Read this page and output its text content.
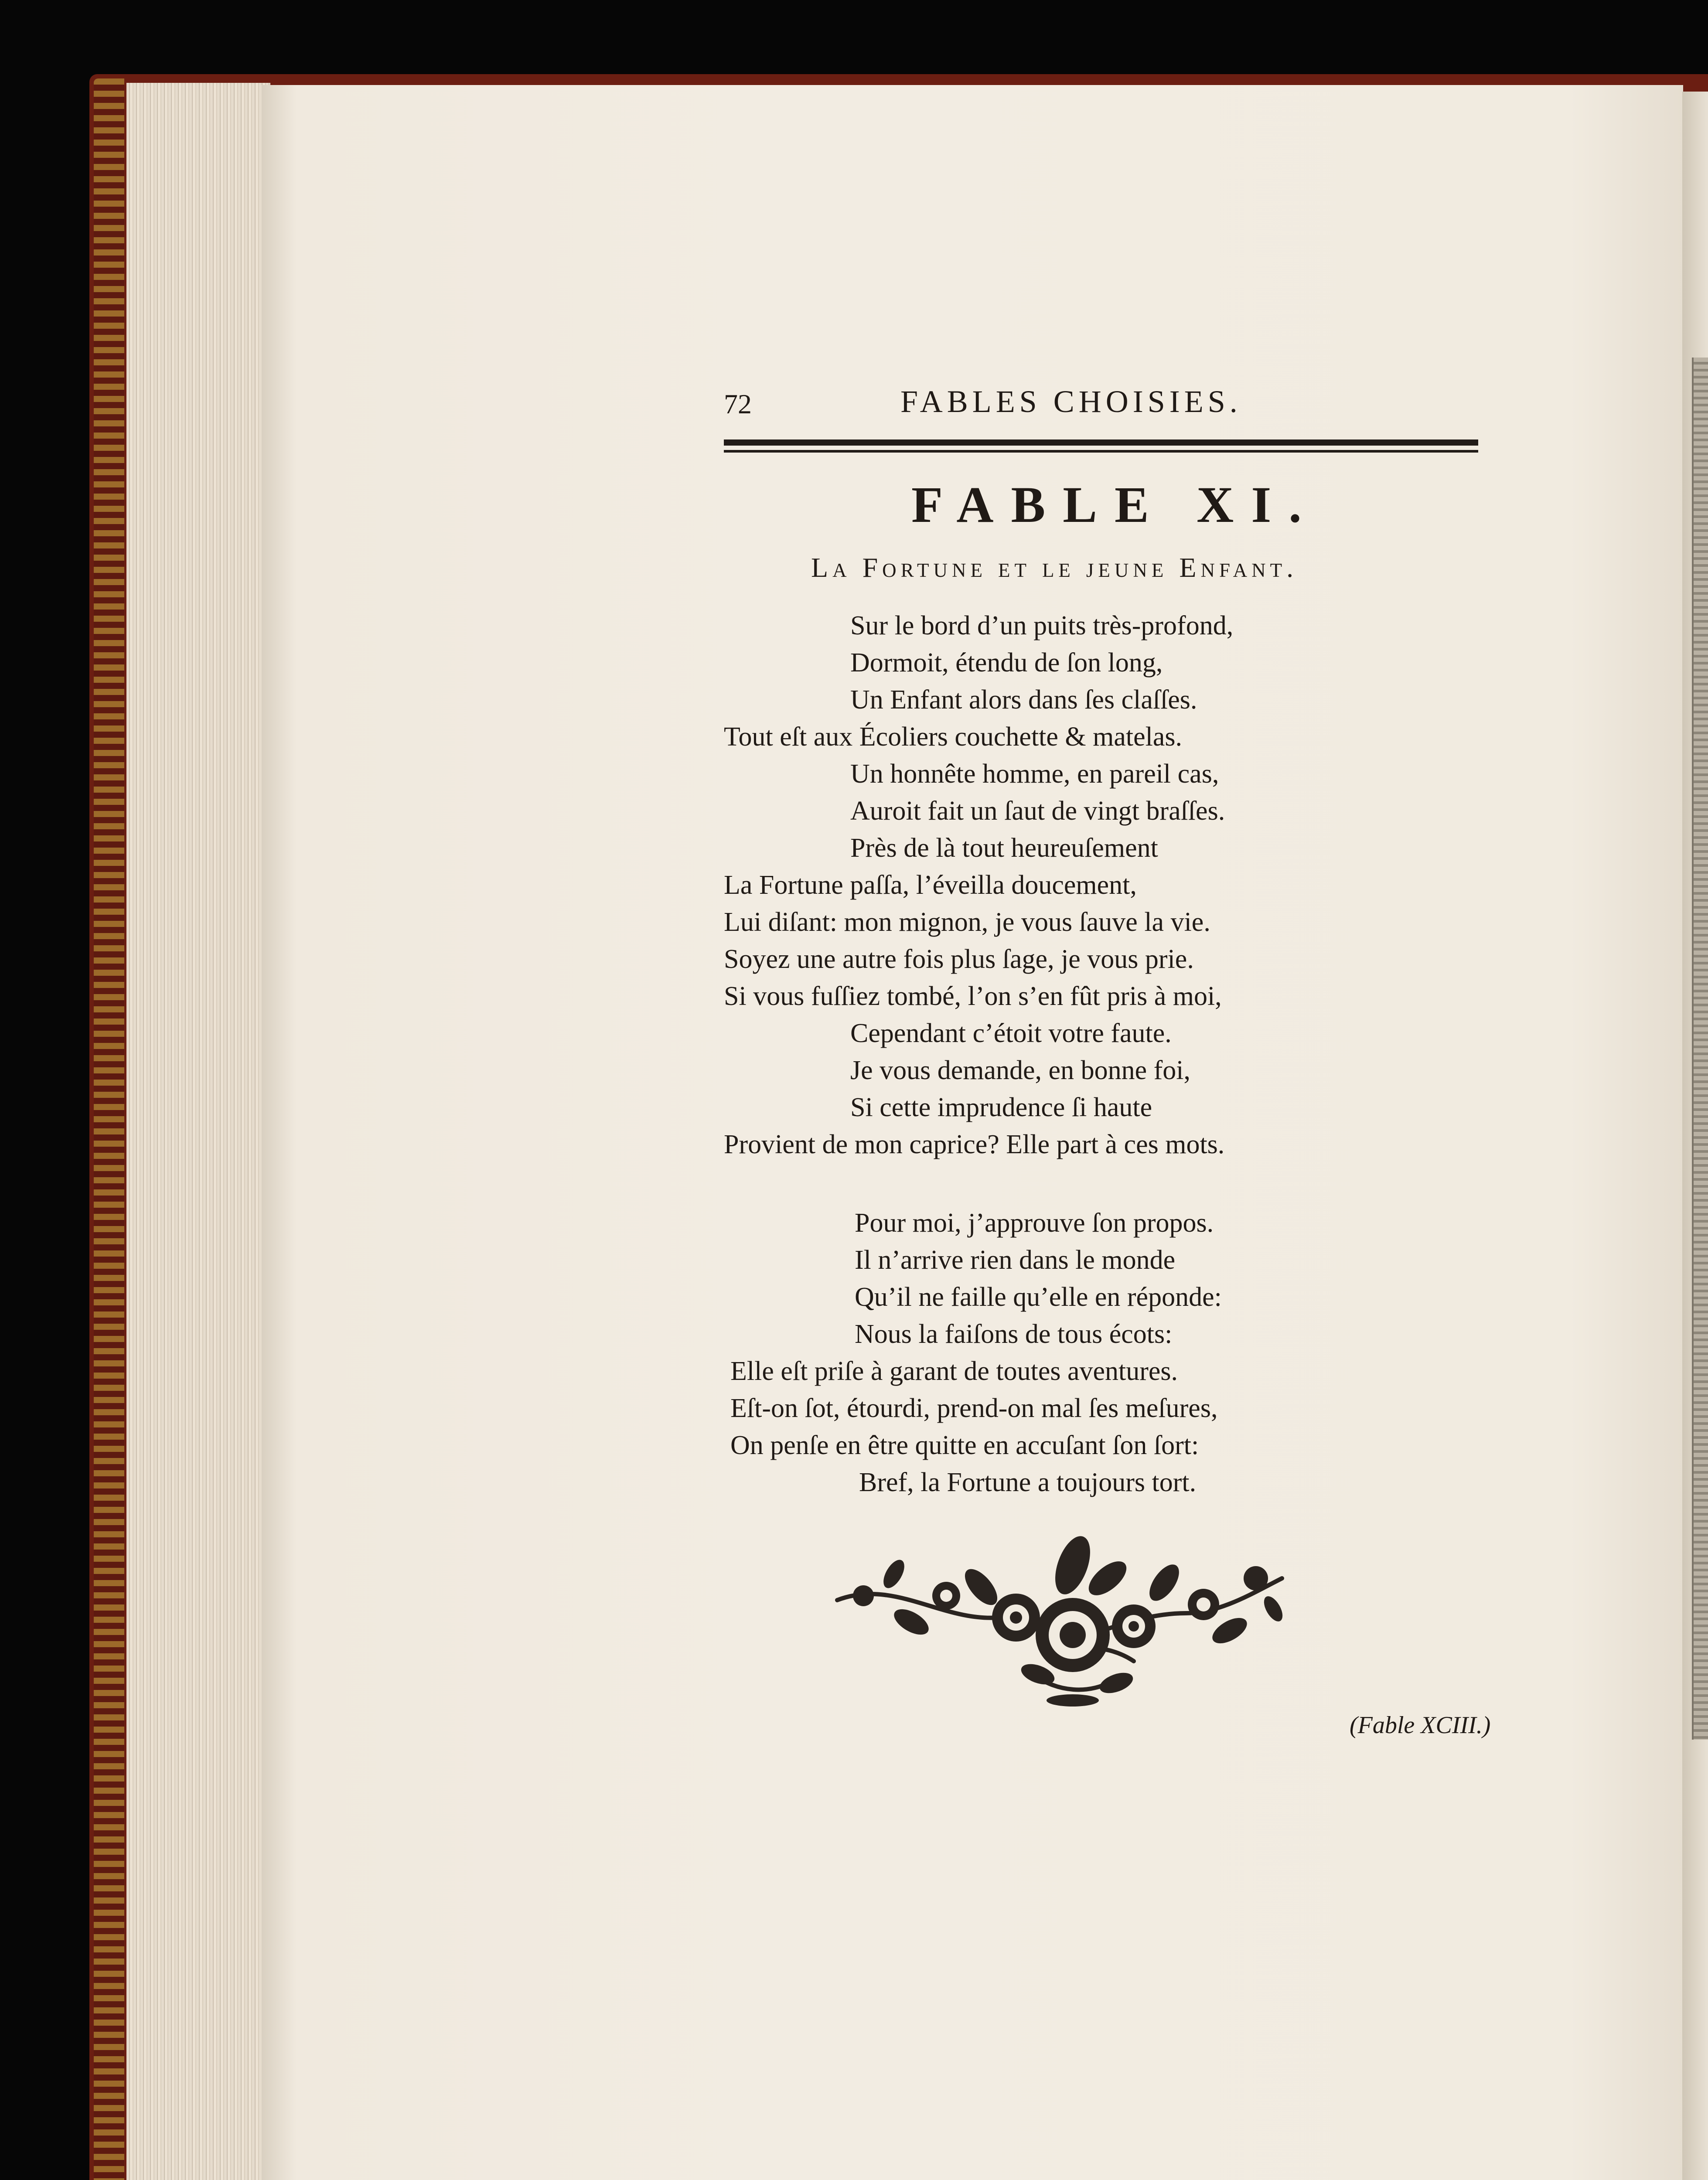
72	FABLES CHOISIES.
FABLE XI.
La Fortune et le jeune Enfant.
Sur le bord d’un puits très-profond,
Dormoit, étendu de ſon long,
Un Enfant alors dans ſes claſſes.
Tout eſt aux Écoliers couchette & matelas.
Un honnête homme, en pareil cas,
Auroit fait un ſaut de vingt braſſes.
Près de là tout heureuſement
La Fortune paſſa, l’éveilla doucement,
Lui diſant: mon mignon, je vous ſauve la vie.
Soyez une autre fois plus ſage, je vous prie.
Si vous fuſſiez tombé, l’on s’en fût pris à moi,
Cependant c’étoit votre faute.
Je vous demande, en bonne foi,
Si cette imprudence ſi haute
Provient de mon caprice? Elle part à ces mots.
Pour moi, j’approuve ſon propos.
Il n’arrive rien dans le monde
Qu’il ne faille qu’elle en réponde:
Nous la faiſons de tous écots:
Elle eſt priſe à garant de toutes aventures.
Eſt-on ſot, étourdi, prend-on mal ſes meſures,
On penſe en être quitte en accuſant ſon ſort:
Bref, la Fortune a toujours tort.
(Fable XCIII.)
